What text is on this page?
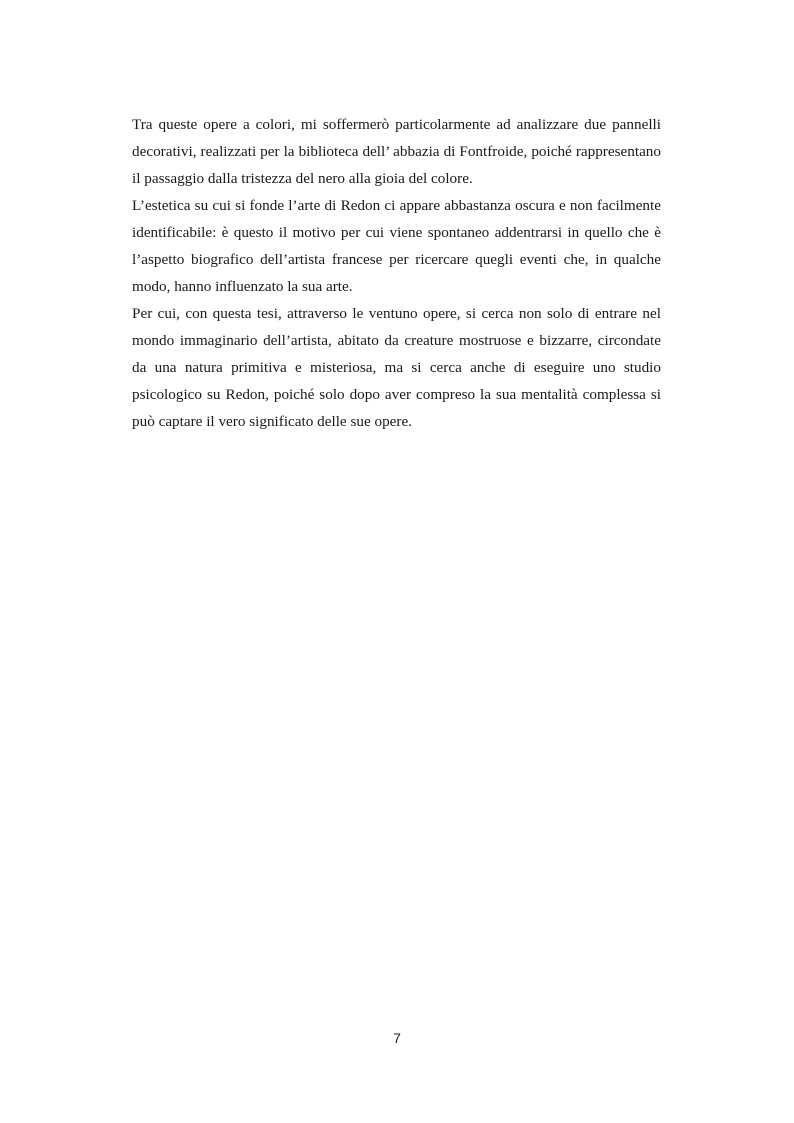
Tra queste opere a colori, mi soffermerò particolarmente ad analizzare due pannelli decorativi, realizzati per la biblioteca dell’ abbazia di Fontfroide, poiché rappresentano il passaggio dalla tristezza del nero alla gioia del colore.

L’estetica su cui si fonde l’arte di Redon ci appare abbastanza oscura e non facilmente identificabile: è questo il motivo per cui viene spontaneo addentrarsi in quello che è l’aspetto biografico dell’artista francese per ricercare quegli eventi che, in qualche modo, hanno influenzato la sua arte.

Per cui, con questa tesi, attraverso le ventuno opere, si cerca non solo di entrare nel mondo immaginario dell’artista, abitato da creature mostruose e bizzarre, circondate da una natura primitiva e misteriosa, ma si cerca anche di eseguire uno studio psicologico su Redon, poiché solo dopo aver compreso la sua mentalità complessa si può captare il vero significato delle sue opere.

7
